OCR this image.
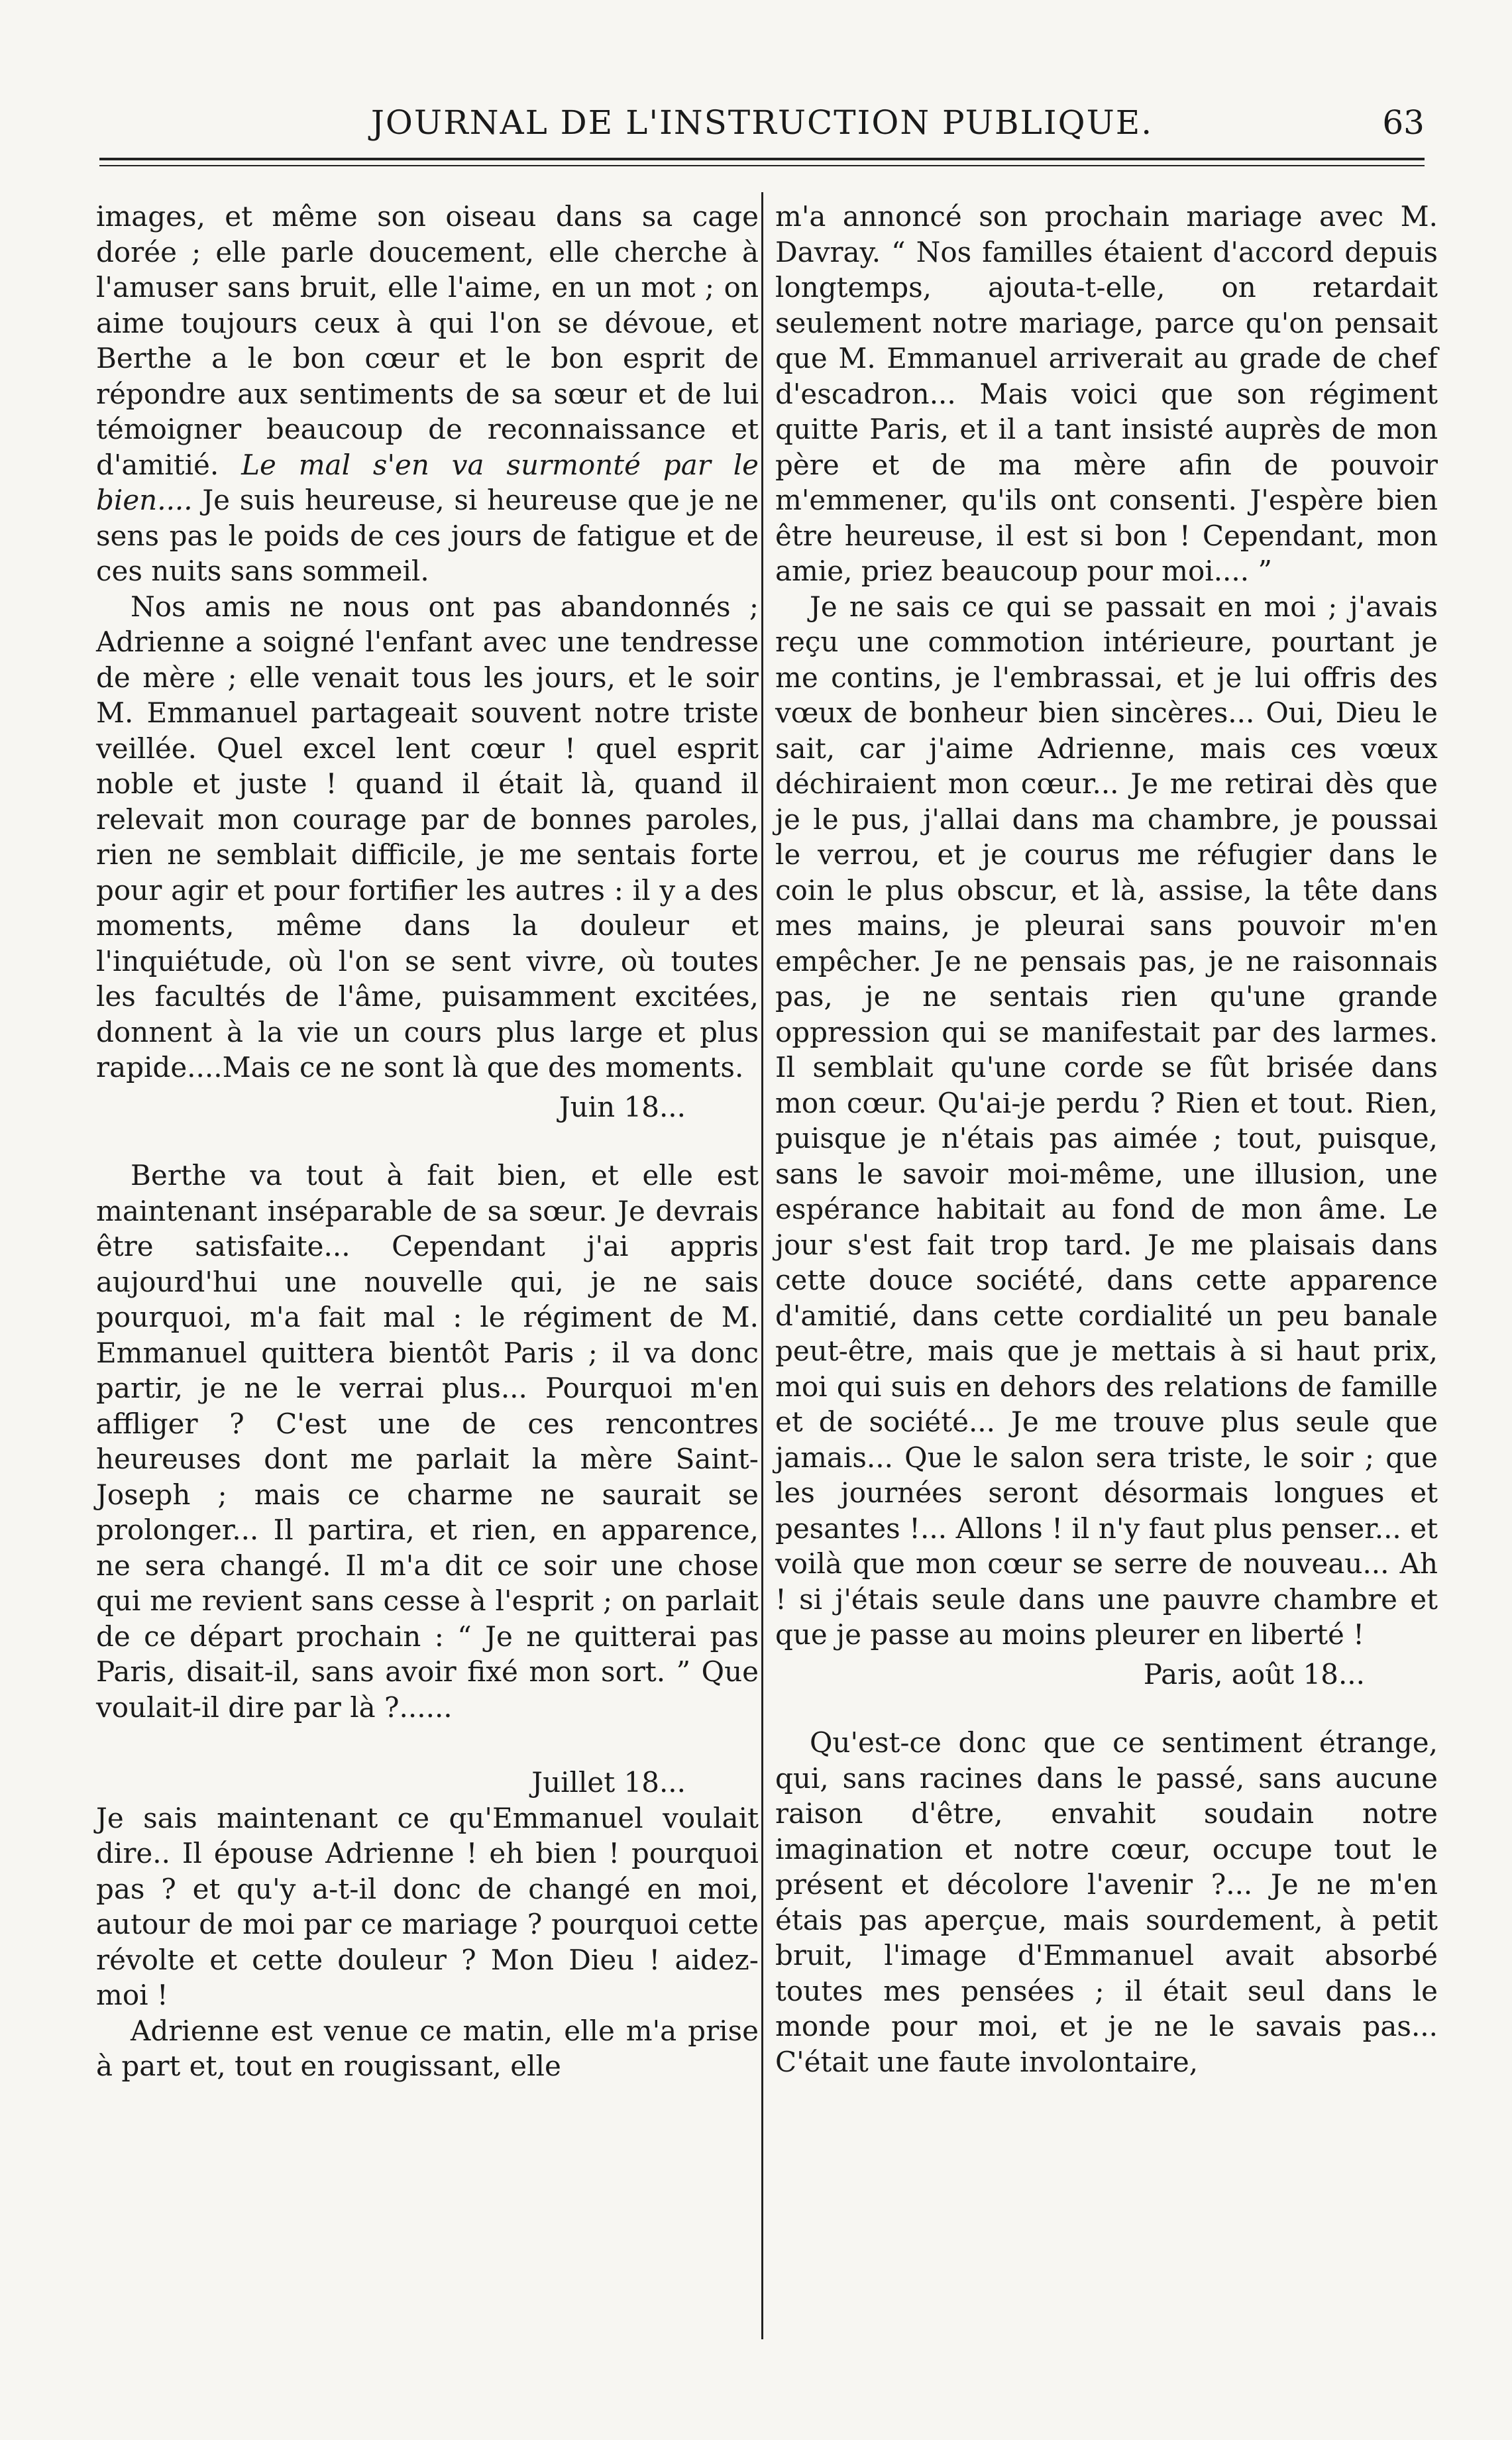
JOURNAL DE L'INSTRUCTION PUBLIQUE.	63

images, et même son oiseau dans sa cage dorée ; elle parle doucement, elle cherche à l'amuser sans bruit, elle l'aime, en un mot ; on aime toujours ceux à qui l'on se dévoue, et Berthe a le bon cœur et le bon esprit de répondre aux sentiments de sa sœur et de lui témoigner beaucoup de reconnaissance et d'amitié. Le mal s'en va surmonté par le bien.... Je suis heureuse, si heureuse que je ne sens pas le poids de ces jours de fatigue et de ces nuits sans sommeil.

Nos amis ne nous ont pas abandonnés ; Adrienne a soigné l'enfant avec une tendresse de mère ; elle venait tous les jours, et le soir M. Emmanuel partageait souvent notre triste veillée. Quel excel lent cœur ! quel esprit noble et juste ! quand il était là, quand il relevait mon courage par de bonnes paroles, rien ne semblait difficile, je me sentais forte pour agir et pour fortifier les autres : il y a des moments, même dans la douleur et l'inquiétude, où l'on se sent vivre, où toutes les facultés de l'âme, puisamment excitées, donnent à la vie un cours plus large et plus rapide....Mais ce ne sont là que des moments.

Juin 18...

Berthe va tout à fait bien, et elle est maintenant inséparable de sa sœur. Je devrais être satisfaite... Cependant j'ai appris aujourd'hui une nouvelle qui, je ne sais pourquoi, m'a fait mal : le régiment de M. Emmanuel quittera bientôt Paris ; il va donc partir, je ne le verrai plus... Pourquoi m'en affliger ? C'est une de ces rencontres heureuses dont me parlait la mère Saint-Joseph ; mais ce charme ne saurait se prolonger... Il partira, et rien, en apparence, ne sera changé. Il m'a dit ce soir une chose qui me revient sans cesse à l'esprit ; on parlait de ce départ prochain : “ Je ne quitterai pas Paris, disait-il, sans avoir fixé mon sort. ” Que voulait-il dire par là ?......

Juillet 18...

Je sais maintenant ce qu'Emmanuel voulait dire.. Il épouse Adrienne ! eh bien ! pourquoi pas ? et qu'y a-t-il donc de changé en moi, autour de moi par ce mariage ? pourquoi cette révolte et cette douleur ? Mon Dieu ! aidez-moi !

Adrienne est venue ce matin, elle m'a prise à part et, tout en rougissant, elle

m'a annoncé son prochain mariage avec M. Davray. “ Nos familles étaient d'accord depuis longtemps, ajouta-t-elle, on retardait seulement notre mariage, parce qu'on pensait que M. Emmanuel arriverait au grade de chef d'escadron... Mais voici que son régiment quitte Paris, et il a tant insisté auprès de mon père et de ma mère afin de pouvoir m'emmener, qu'ils ont consenti. J'espère bien être heureuse, il est si bon ! Cependant, mon amie, priez beaucoup pour moi.... ”

Je ne sais ce qui se passait en moi ; j'avais reçu une commotion intérieure, pourtant je me contins, je l'embrassai, et je lui offris des vœux de bonheur bien sincères... Oui, Dieu le sait, car j'aime Adrienne, mais ces vœux déchiraient mon cœur... Je me retirai dès que je le pus, j'allai dans ma chambre, je poussai le verrou, et je courus me réfugier dans le coin le plus obscur, et là, assise, la tête dans mes mains, je pleurai sans pouvoir m'en empêcher. Je ne pensais pas, je ne raisonnais pas, je ne sentais rien qu'une grande oppression qui se manifestait par des larmes. Il semblait qu'une corde se fût brisée dans mon cœur. Qu'ai-je perdu ? Rien et tout. Rien, puisque je n'étais pas aimée ; tout, puisque, sans le savoir moi-même, une illusion, une espérance habitait au fond de mon âme. Le jour s'est fait trop tard. Je me plaisais dans cette douce société, dans cette apparence d'amitié, dans cette cordialité un peu banale peut-être, mais que je mettais à si haut prix, moi qui suis en dehors des relations de famille et de société... Je me trouve plus seule que jamais... Que le salon sera triste, le soir ; que les journées seront désormais longues et pesantes !... Allons ! il n'y faut plus penser... et voilà que mon cœur se serre de nouveau... Ah ! si j'étais seule dans une pauvre chambre et que je passe au moins pleurer en liberté !

Paris, août 18...

Qu'est-ce donc que ce sentiment étrange, qui, sans racines dans le passé, sans aucune raison d'être, envahit soudain notre imagination et notre cœur, occupe tout le présent et décolore l'avenir ?... Je ne m'en étais pas aperçue, mais sourdement, à petit bruit, l'image d'Emmanuel avait absorbé toutes mes pensées ; il était seul dans le monde pour moi, et je ne le savais pas... C'était une faute involontaire,
